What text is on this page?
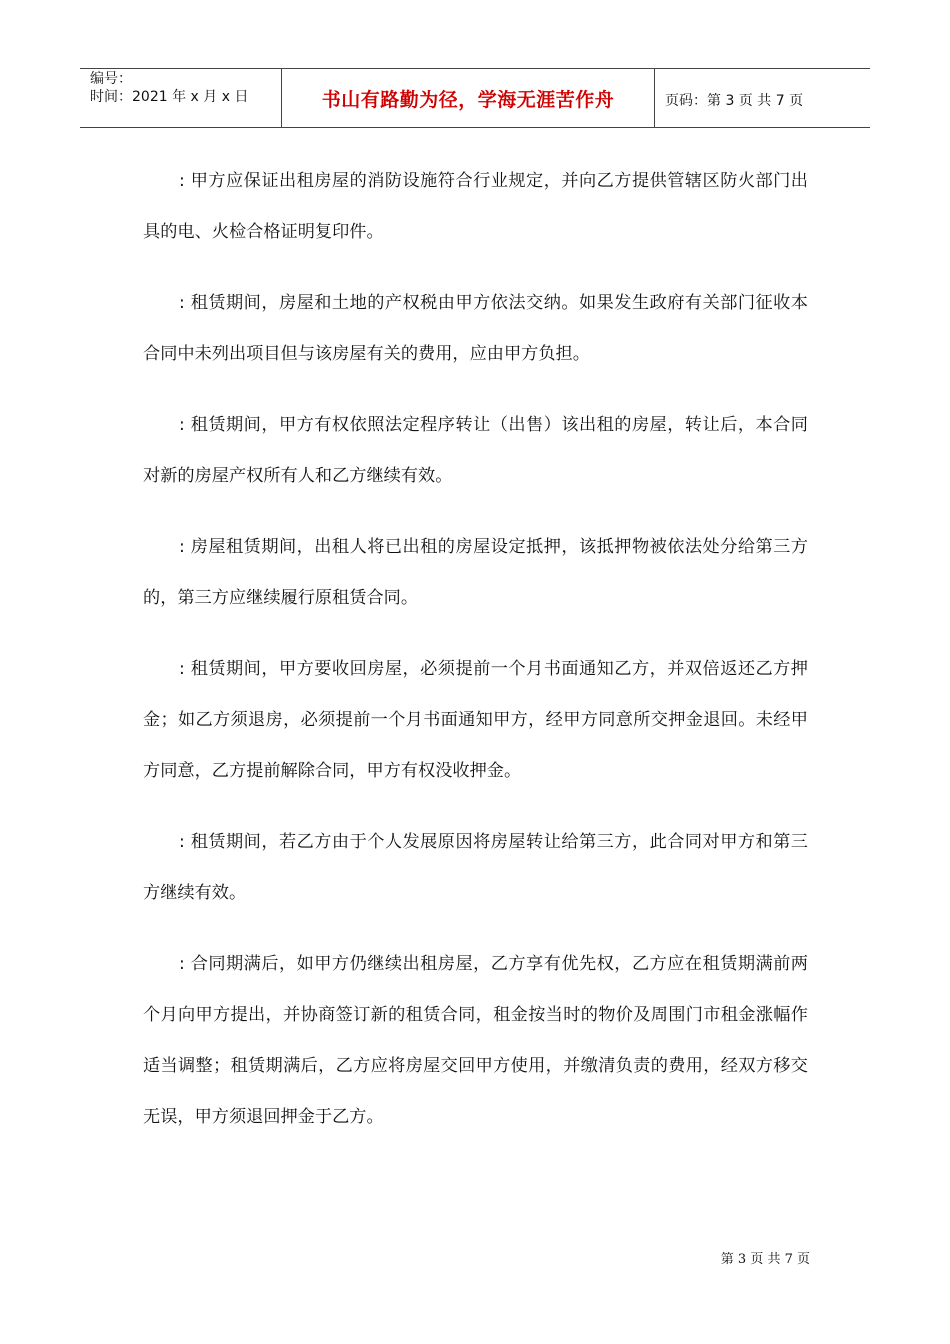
编号：
时间：2021 年 x 月 x 日	书山有路勤为径，学海无涯苦作舟	页码：第 3 页 共 7 页

: 甲方应保证出租房屋的消防设施符合行业规定，并向乙方提供管辖区防火部门出具的电、火检合格证明复印件。

: 租赁期间，房屋和土地的产权税由甲方依法交纳。如果发生政府有关部门征收本合同中未列出项目但与该房屋有关的费用，应由甲方负担。

: 租赁期间，甲方有权依照法定程序转让（出售）该出租的房屋，转让后，本合同对新的房屋产权所有人和乙方继续有效。

: 房屋租赁期间，出租人将已出租的房屋设定抵押，该抵押物被依法处分给第三方的，第三方应继续履行原租赁合同。

: 租赁期间，甲方要收回房屋，必须提前一个月书面通知乙方，并双倍返还乙方押金；如乙方须退房，必须提前一个月书面通知甲方，经甲方同意所交押金退回。未经甲方同意，乙方提前解除合同，甲方有权没收押金。

: 租赁期间，若乙方由于个人发展原因将房屋转让给第三方，此合同对甲方和第三方继续有效。

: 合同期满后，如甲方仍继续出租房屋，乙方享有优先权，乙方应在租赁期满前两个月向甲方提出，并协商签订新的租赁合同，租金按当时的物价及周围门市租金涨幅作适当调整；租赁期满后，乙方应将房屋交回甲方使用，并缴清负责的费用，经双方移交无误，甲方须退回押金于乙方。

第 3 页 共 7 页
